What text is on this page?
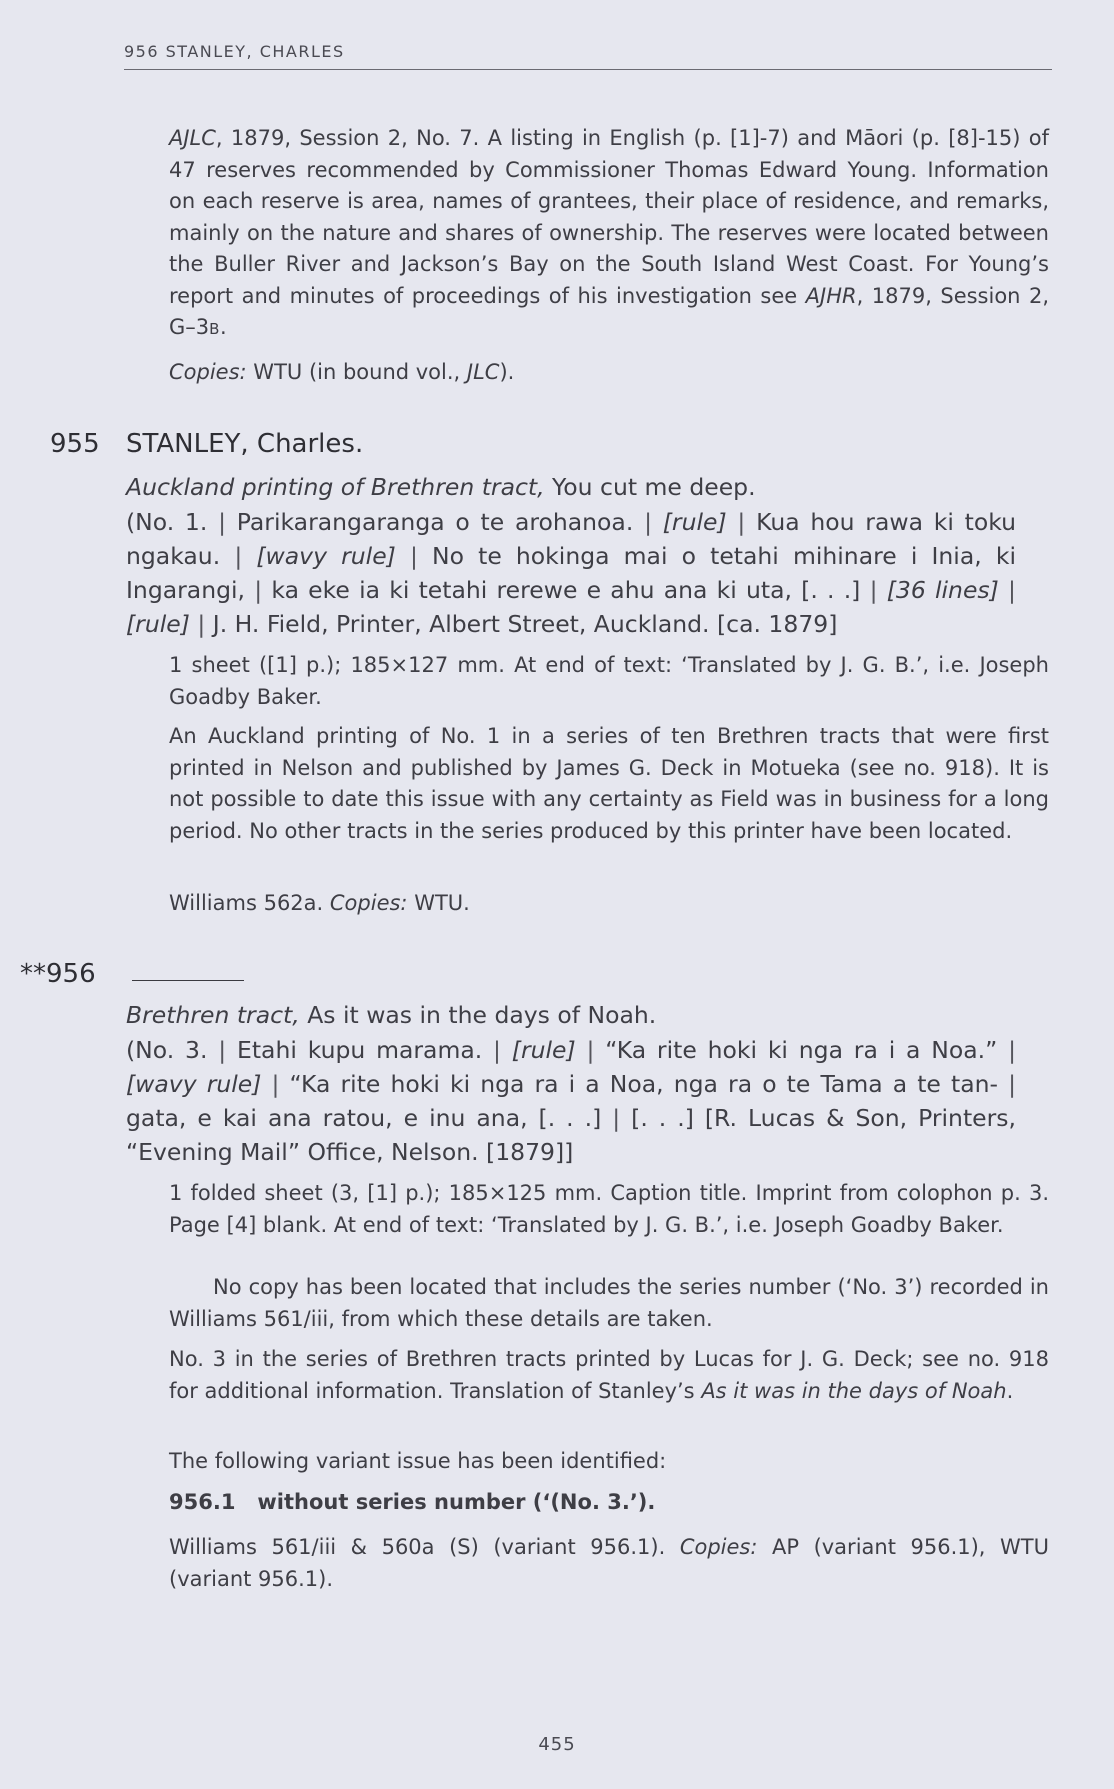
956 STANLEY, CHARLES

AJLC, 1879, Session 2, No. 7. A listing in English (p. [1]-7) and Māori (p. [8]-15) of 47 reserves recommended by Commissioner Thomas Edward Young. Information on each reserve is area, names of grantees, their place of residence, and remarks, mainly on the nature and shares of ownership. The reserves were located between the Buller River and Jackson’s Bay on the South Island West Coast. For Young’s report and minutes of proceedings of his investigation see AJHR, 1879, Session 2, G–3B.

Copies: WTU (in bound vol., JLC).

955 STANLEY, Charles.

Auckland printing of Brethren tract, You cut me deep.

(No. 1. | Parikarangaranga o te arohanoa. | [rule] | Kua hou rawa ki toku ngakau. | [wavy rule] | No te hokinga mai o tetahi mihinare i Inia, ki Ingarangi, | ka eke ia ki tetahi rerewe e ahu ana ki uta, [. . .] | [36 lines] | [rule] | J. H. Field, Printer, Albert Street, Auckland. [ca. 1879]

1 sheet ([1] p.); 185×127 mm. At end of text: ‘Translated by J. G. B.’, i.e. Joseph Goadby Baker.
An Auckland printing of No. 1 in a series of ten Brethren tracts that were first printed in Nelson and published by James G. Deck in Motueka (see no. 918). It is not possible to date this issue with any certainty as Field was in business for a long period. No other tracts in the series produced by this printer have been located.

Williams 562a. Copies: WTU.

**956

Brethren tract, As it was in the days of Noah.

(No. 3. | Etahi kupu marama. | [rule] | “Ka rite hoki ki nga ra i a Noa.” | [wavy rule] | “Ka rite hoki ki nga ra i a Noa, nga ra o te Tama a te tan- | gata, e kai ana ratou, e inu ana, [. . .] | [. . .] [R. Lucas & Son, Printers, “Evening Mail” Office, Nelson. [1879]]

1 folded sheet (3, [1] p.); 185×125 mm. Caption title. Imprint from colophon p. 3. Page [4] blank. At end of text: ‘Translated by J. G. B.’, i.e. Joseph Goadby Baker.
No copy has been located that includes the series number (‘No. 3’) recorded in Williams 561/iii, from which these details are taken.

No. 3 in the series of Brethren tracts printed by Lucas for J. G. Deck; see no. 918 for additional information. Translation of Stanley’s As it was in the days of Noah.

The following variant issue has been identified:
956.1 without series number (‘(No. 3.’).

Williams 561/iii & 560a (S) (variant 956.1). Copies: AP (variant 956.1), WTU (variant 956.1).

455
